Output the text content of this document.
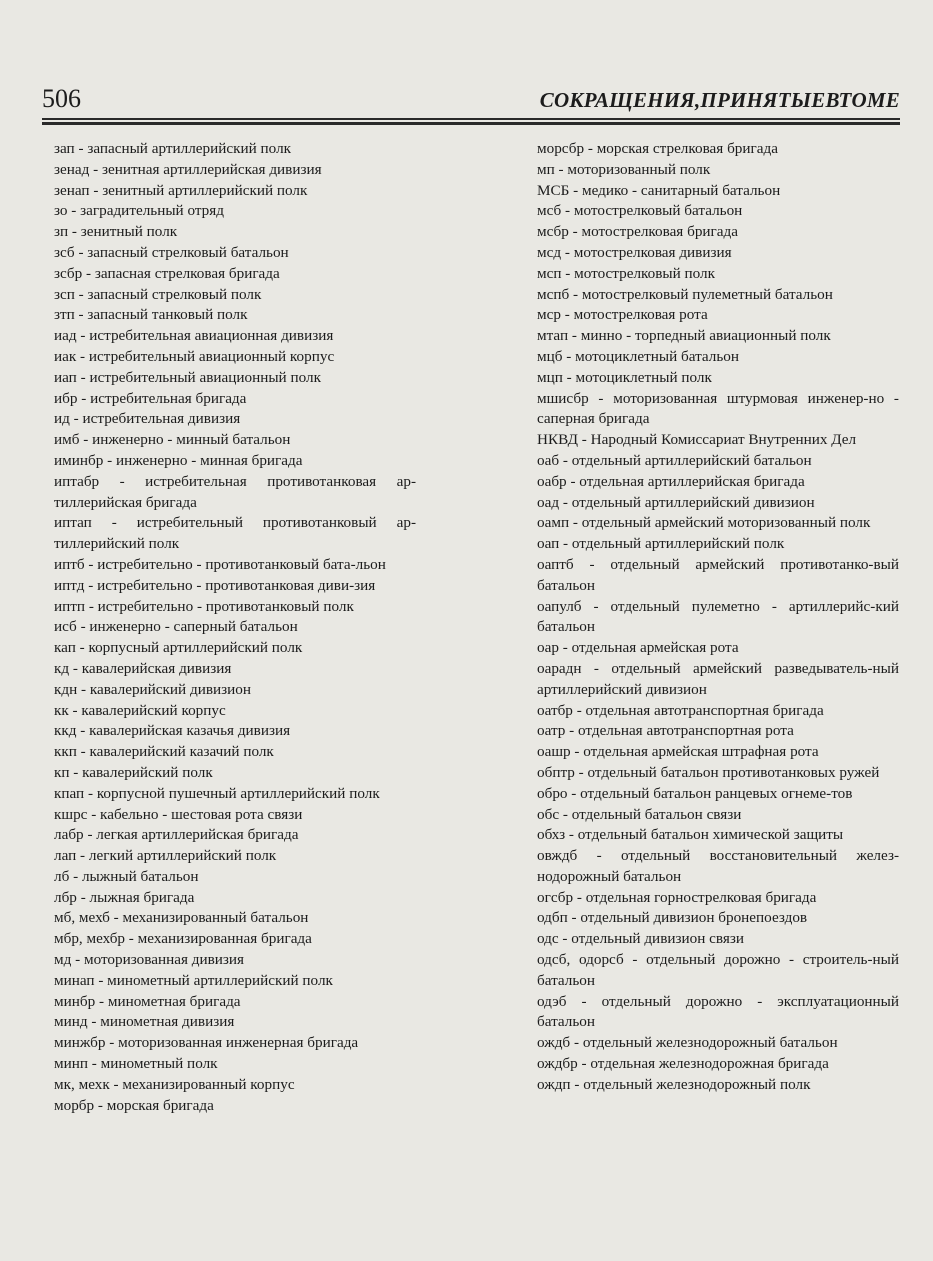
506	СОКРАЩЕНИЯ,ПРИНЯТЫЕВТОМЕ

зап - запасный артиллерийский полк

зенад - зенитная артиллерийская дивизия

зенап - зенитный артиллерийский полк

зо - заградительный отряд

зп - зенитный полк

зсб - запасный стрелковый батальон

зсбр - запасная стрелковая бригада

зсп - запасный стрелковый полк

зтп - запасный танковый полк

иад - истребительная авиационная дивизия

иак - истребительный авиационный корпус

иап - истребительный авиационный полк

ибр - истребительная бригада

ид - истребительная дивизия

имб - инженерно - минный батальон

иминбр - инженерно - минная бригада

иптабр - истребительная противотанковая ар-тиллерийская бригада

иптап - истребительный противотанковый ар-тиллерийский полк

иптб - истребительно - противотанковый бата-льон

иптд - истребительно - противотанковая диви-зия

иптп - истребительно - противотанковый полк

исб - инженерно - саперный батальон

кап - корпусный артиллерийский полк

кд - кавалерийская дивизия

кдн - кавалерийский дивизион

кк - кавалерийский корпус

ккд - кавалерийская казачья дивизия

ккп - кавалерийский казачий полк

кп - кавалерийский полк

кпап - корпусной пушечный артиллерийский полк

кшрс - кабельно - шестовая рота связи

лабр - легкая артиллерийская бригада

лап - легкий артиллерийский полк

лб - лыжный батальон

лбр - лыжная бригада

мб, мехб - механизированный батальон

мбр, мехбр - механизированная бригада

мд - моторизованная дивизия

минап - минометный артиллерийский полк

минбр - минометная бригада

минд - минометная дивизия

минжбр - моторизованная инженерная бригада

минп - минометный полк

мк, мехк - механизированный корпус

морбр - морская бригада

морсбр - морская стрелковая бригада

мп - моторизованный полк

МСБ - медико - санитарный батальон

мсб - мотострелковый батальон

мсбр - мотострелковая бригада

мсд - мотострелковая дивизия

мсп - мотострелковый полк

мспб - мотострелковый пулеметный батальон

мср - мотострелковая рота

мтап - минно - торпедный авиационный полк

мцб - мотоциклетный батальон

мцп - мотоциклетный полк

мшисбр - моторизованная штурмовая инженер-но - саперная бригада

НКВД - Народный Комиссариат Внутренних Дел

оаб - отдельный артиллерийский батальон

оабр - отдельная артиллерийская бригада

оад - отдельный артиллерийский дивизион

оамп - отдельный армейский моторизованный полк

оап - отдельный артиллерийский полк

оаптб - отдельный армейский противотанко-вый батальон

оапулб - отдельный пулеметно - артиллерийс-кий батальон

оар - отдельная армейская рота

оарадн - отдельный армейский разведыватель-ный артиллерийский дивизион

оатбр - отдельная автотранспортная бригада

оатр - отдельная автотранспортная рота

оашр - отдельная армейская штрафная рота

обптр - отдельный батальон противотанковых ружей

обро - отдельный батальон ранцевых огнеме-тов

обс - отдельный батальон связи

обхз - отдельный батальон химической защиты

овждб - отдельный восстановительный желез-нодорожный батальон

огсбр - отдельная горнострелковая бригада

одбп - отдельный дивизион бронепоездов

одс - отдельный дивизион связи

одсб, одорсб - отдельный дорожно - строитель-ный батальон

одэб - отдельный дорожно - эксплуатационный батальон

ождб - отдельный железнодорожный батальон

ождбр - отдельная железнодорожная бригада

ождп - отдельный железнодорожный полк
